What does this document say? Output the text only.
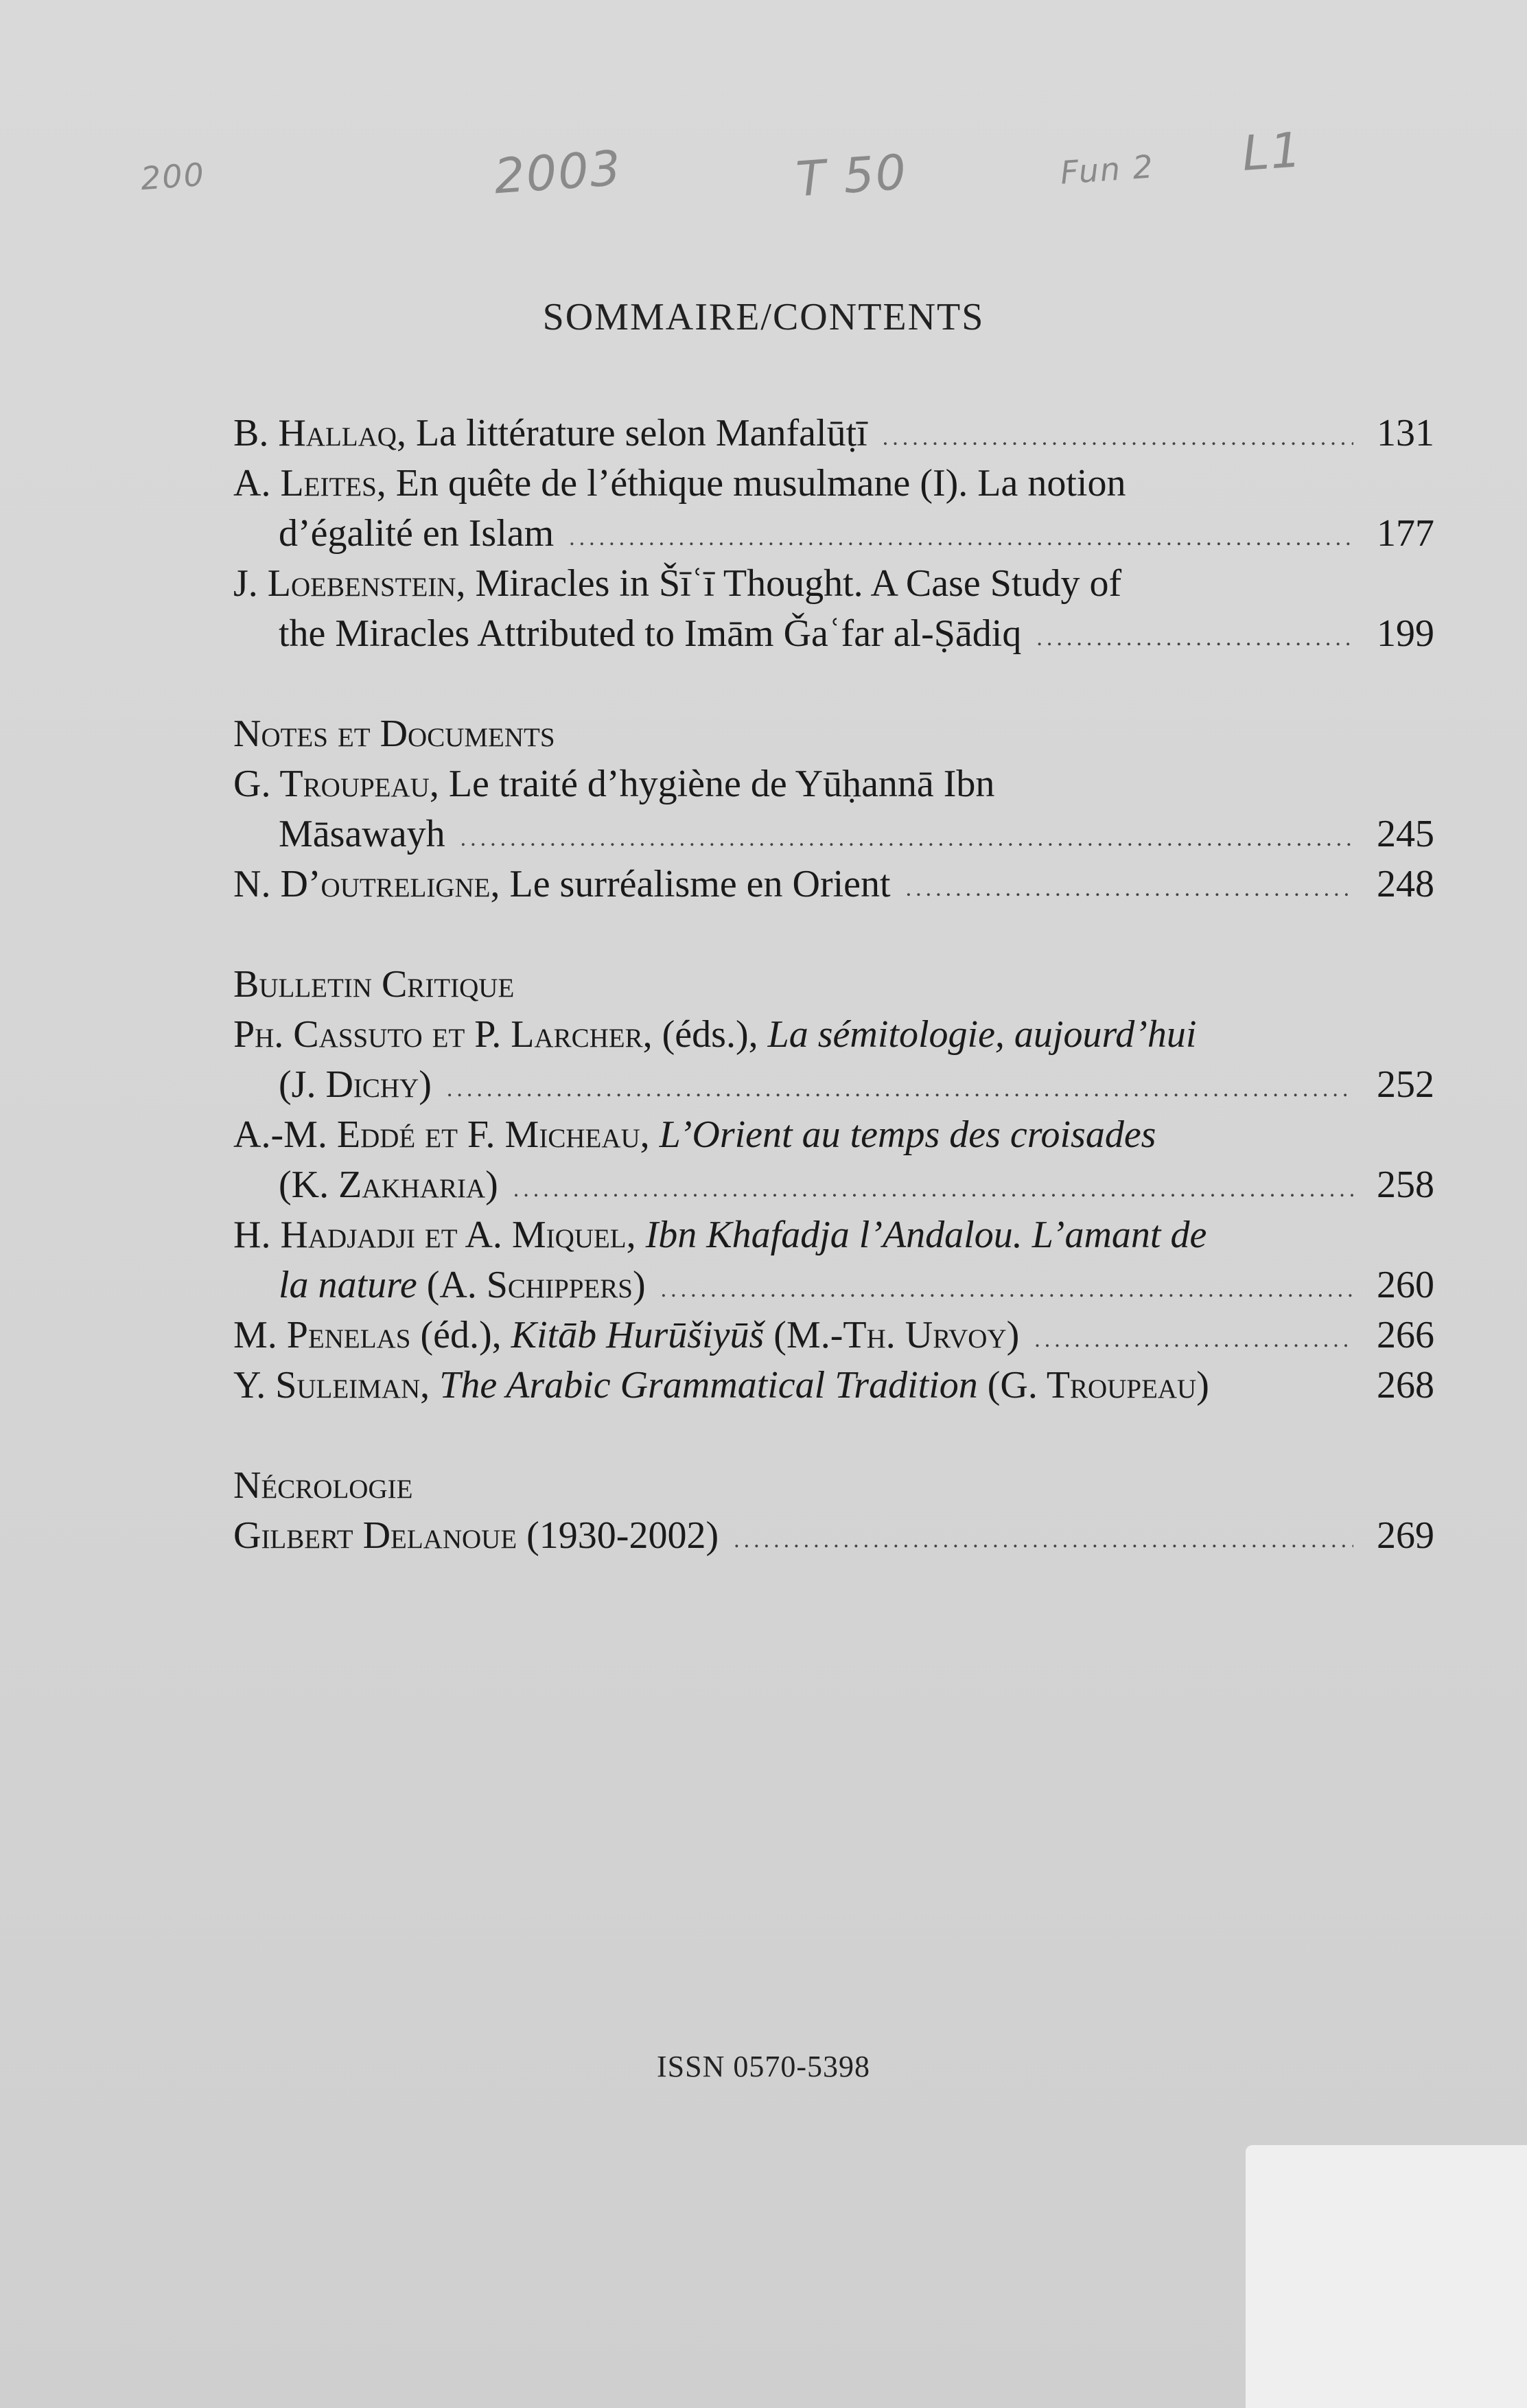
200	2003	T 50	Fun 2 L1
SOMMAIRE/CONTENTS
B. Hallaq, La littérature selon Manfalūṭī .....	131
A. Leites, En quête de l’éthique musulmane (I). La notion
d’égalité en Islam .....	177
J. Loebenstein, Miracles in Šīʿī Thought. A Case Study of
the Miracles Attributed to Imām Ǧaʿfar al-Ṣādiq .....	199
Notes et Documents
G. Troupeau, Le traité d’hygiène de Yūḥannā Ibn
Māsawayh .....	245
N. D’outreligne, Le surréalisme en Orient .....	248
Bulletin Critique
Ph. Cassuto et P. Larcher, (éds.), La sémitologie, aujourd’hui
(J. Dichy) .....	252
A.-M. Eddé et F. Micheau, L’Orient au temps des croisades
(K. Zakharia) .....	258
H. Hadjadji et A. Miquel, Ibn Khafadja l’Andalou. L’amant de
la nature (A. Schippers) .....	260
M. Penelas (éd.), Kitāb Hurūšiyūš (M.-Th. Urvoy) .....	266
Y. Suleiman, The Arabic Grammatical Tradition (G. Troupeau)	268
Nécrologie
Gilbert Delanoue (1930-2002) .....	269
ISSN 0570-5398
